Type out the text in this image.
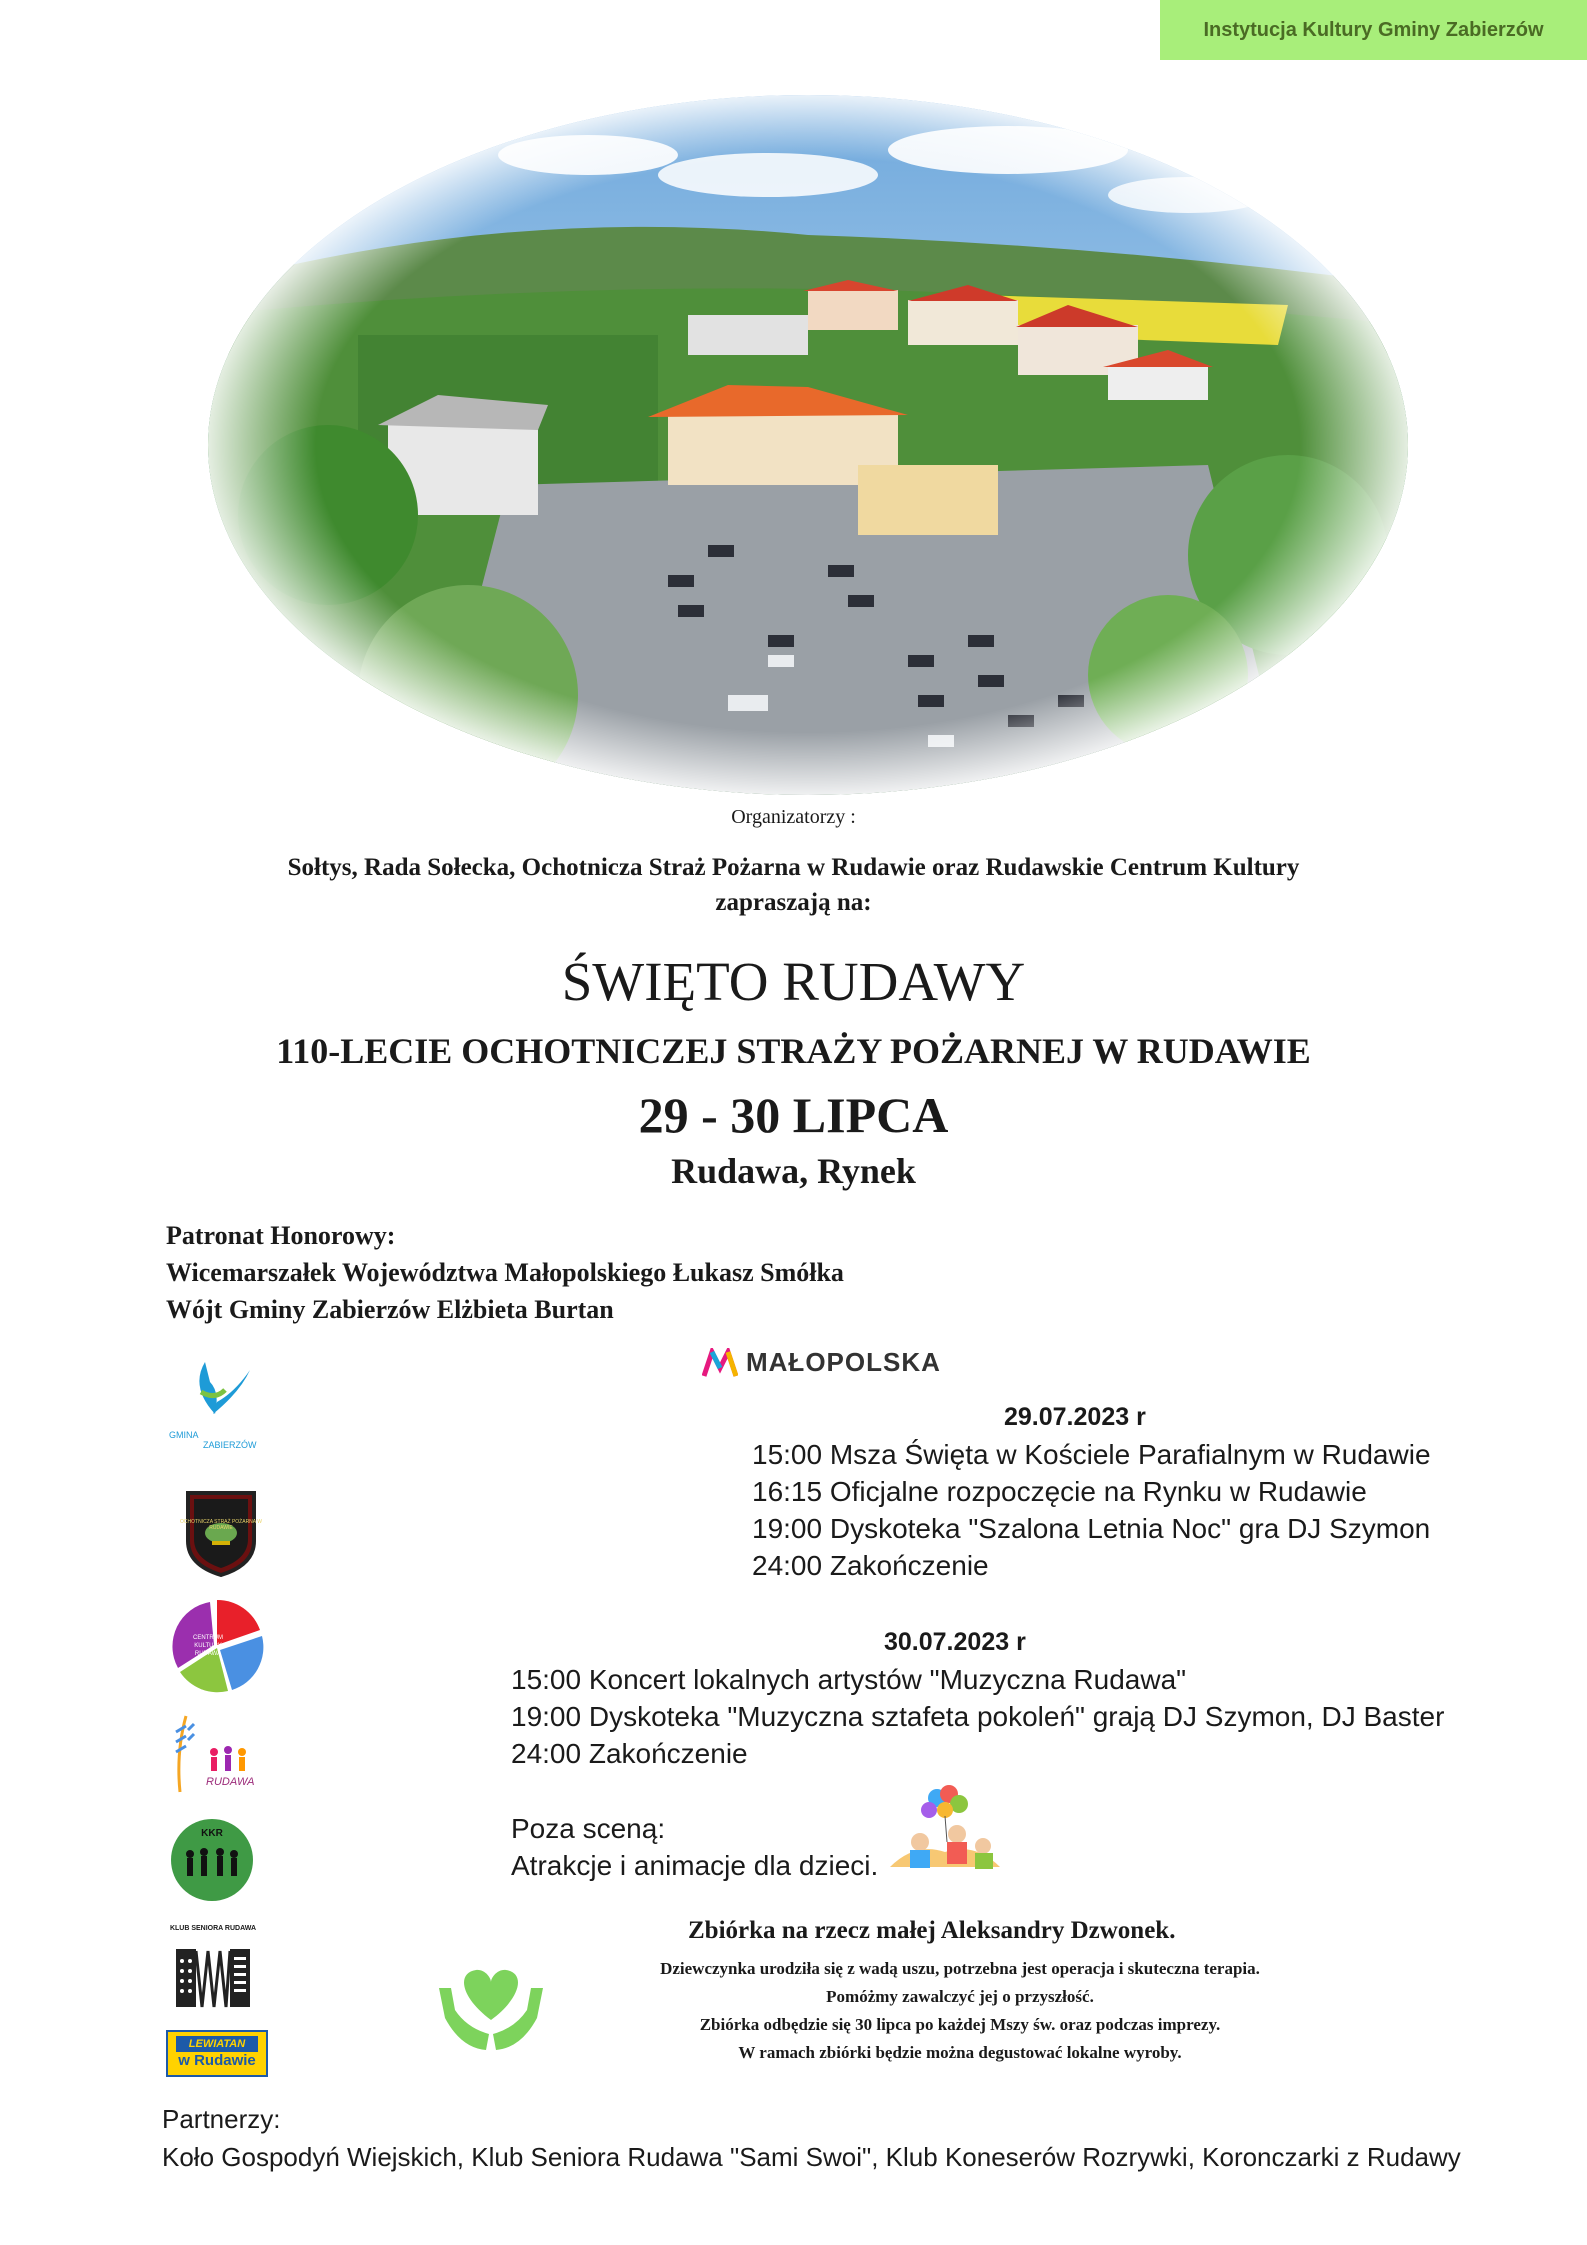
Instytucja Kultury Gminy Zabierzów
Organizatorzy :
Sołtys, Rada Sołecka, Ochotnicza Straż Pożarna w Rudawie oraz Rudawskie Centrum Kultury
zapraszają na:
ŚWIĘTO RUDAWY
110-LECIE OCHOTNICZEJ STRAŻY POŻARNEJ W RUDAWIE
29 - 30 LIPCA
Rudawa, Rynek
Patronat Honorowy:
Wicemarszałek Województwa Małopolskiego Łukasz Smółka
Wójt Gminy Zabierzów Elżbieta Burtan
MAŁOPOLSKA
29.07.2023 r
15:00 Msza Święta w Kościele Parafialnym w Rudawie
16:15 Oficjalne rozpoczęcie na Rynku w Rudawie
19:00 Dyskoteka "Szalona Letnia Noc" gra DJ Szymon
24:00 Zakończenie
30.07.2023 r
15:00 Koncert lokalnych artystów "Muzyczna Rudawa"
19:00 Dyskoteka "Muzyczna sztafeta pokoleń" grają DJ Szymon, DJ Baster
24:00 Zakończenie
Poza sceną:
Atrakcje i animacje dla dzieci.
Zbiórka na rzecz małej Aleksandry Dzwonek.
Dziewczynka urodziła się z wadą uszu, potrzebna jest operacja i skuteczna terapia.
Pomóżmy zawalczyć jej o przyszłość.
Zbiórka odbędzie się 30 lipca po każdej Mszy św. oraz podczas imprezy.
W ramach zbiórki będzie można degustować lokalne wyroby.
Partnerzy:
Koło Gospodyń Wiejskich, Klub Seniora Rudawa "Sami Swoi", Klub Koneserów Rozrywki, Koronczarki z Rudawy
GMINA
ZABIERZÓW
OCHOTNICZA STRAŻ POŻARNA W RUDAWIE
CENTRUM KULTURY RUDAWA
RUDAWA
KKR
KLUB SENIORA RUDAWA
"SAMI SWOI"
LEWIATAN
w Rudawie
